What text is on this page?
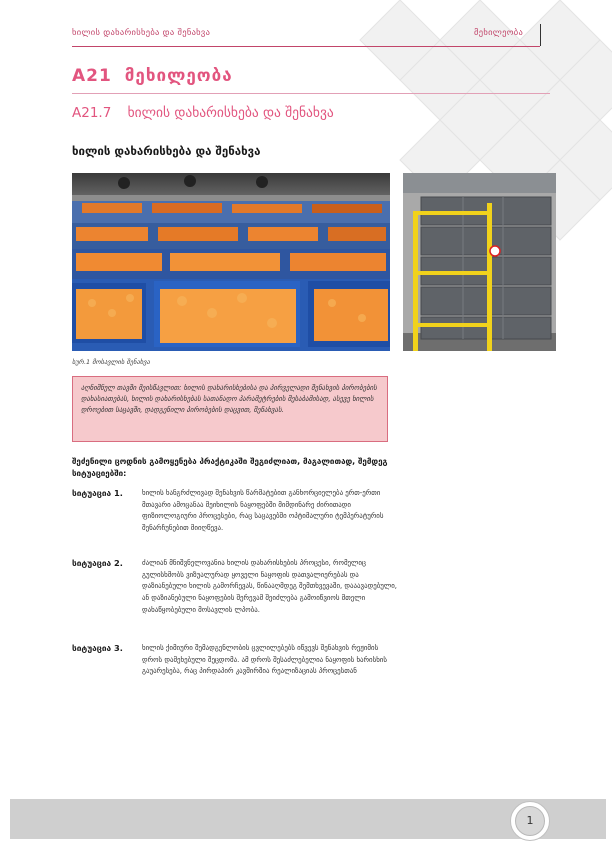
ხილის დახარისხება და შენახვა	მეხილეობა
A21 მეხილეობა
A21.7 ხილის დახარისხება და შენახვა
ხილის დახარისხება და შენახვა
სურ.1 მოსავლის შენახვა
აღნიშნულ თავში მეისწავლით: ხილის დახარისხებისა და პირველადი შენახვის პირობების დახასიათებას, ხილის დახარისხებას სათანადო პარამეტრების შესაბამისად, ასევე ხილის დროებით საცავში, დადგენილი პირობების დაცვით, შენახვას.
შეძენილი ცოდნის გამოყენება პრაქტიკაში შეგიძლიათ, მაგალითად, შემდეგ სიტუაციებში:
სიტუაცია 1.	ხილის ხანგრძლივად შენახვის წარმატებით განხორციელება ერთ-ერთი მთავარი ამოცანაა მეიხილის ნაყოფებში მიმდინარე ძირითადი ფიზიოლოგიური პროცესები, რაც საცავებში ოპტიმალური ტემპერატურის შენარჩუნებით მიიღწევა.
სიტუაცია 2.	ძალიან მნიშვნელოვანია ხილის დახარისხების პროცესი, რომელიც გულისხმობს ვიზუალურად ყოველი ნაყოფის დათვალიერებას და დაზიანებული ხილის გამორჩევას, წინააღმდეგ შემთხვევაში, დააავადებული, ან დაზიანებული ნაყოფების შერევამ შეიძლება გამოიწვიოს მთელი დახაწყობებული მოსავლის ლპობა.
სიტუაცია 3.	ხილის ქიმიური შემადგენლობის ცვლილებებს იწვევს შენახვის რეჟიმის დროს დამეხებული შეცდომა. ამ დროს შესაძლებელია ნაყოფის ხარისხის გაუარესება, რაც პირდაპირ კავშირშია რეალიზაციას პროცესთან
1
